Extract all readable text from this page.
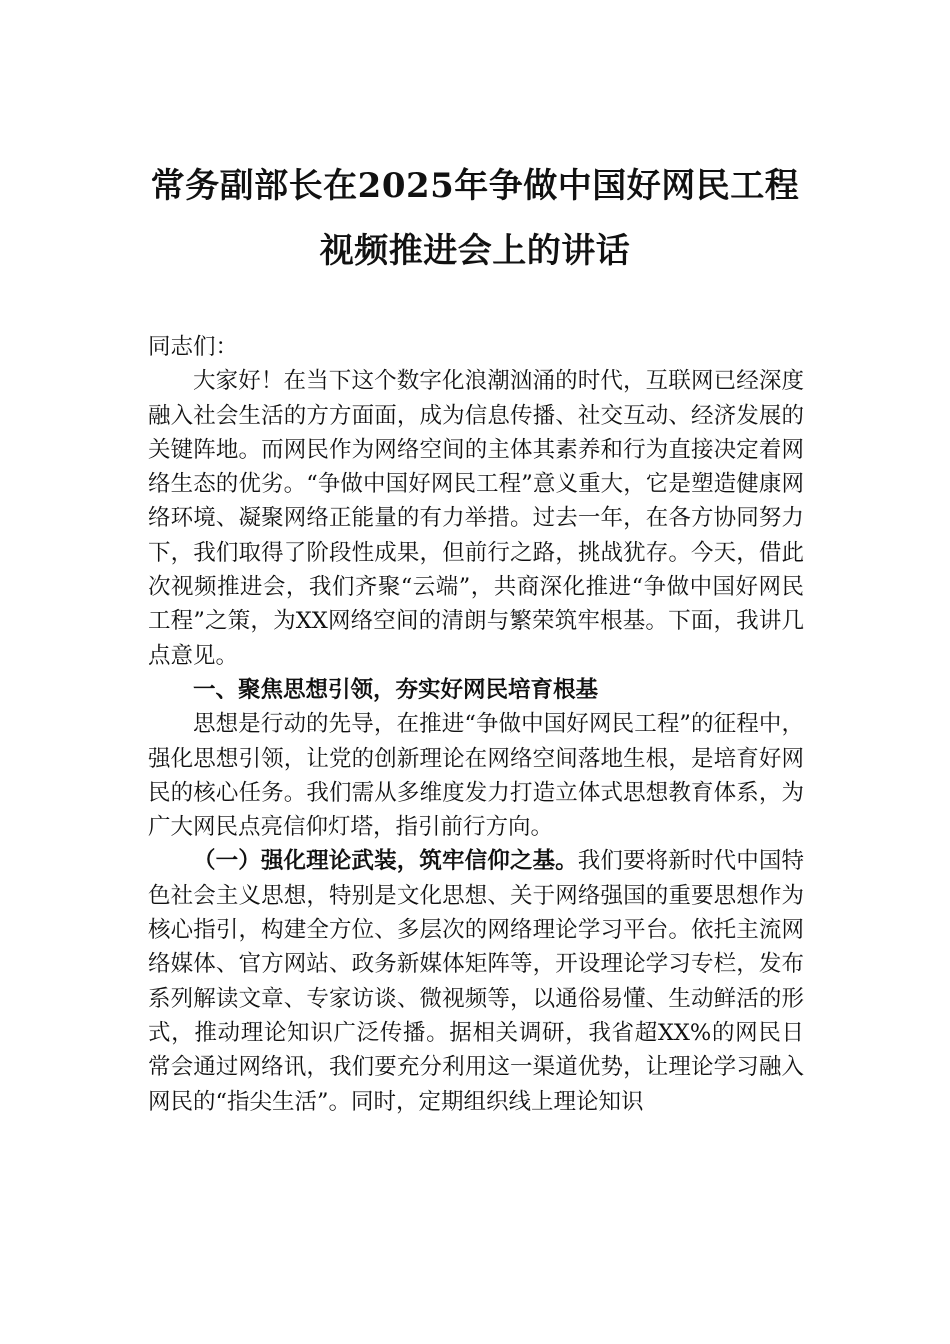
常务副部长在2025年争做中国好网民工程
视频推进会上的讲话

同志们：

大家好！在当下这个数字化浪潮汹涌的时代，互联网已经深度融入社会生活的方方面面，成为信息传播、社交互动、经济发展的关键阵地。而网民作为网络空间的主体其素养和行为直接决定着网络生态的优劣。“争做中国好网民工程”意义重大，它是塑造健康网络环境、凝聚网络正能量的有力举措。过去一年，在各方协同努力下，我们取得了阶段性成果，但前行之路，挑战犹存。今天，借此次视频推进会，我们齐聚“云端”，共商深化推进“争做中国好网民工程”之策，为XX网络空间的清朗与繁荣筑牢根基。下面，我讲几点意见。

一、聚焦思想引领，夯实好网民培育根基

思想是行动的先导，在推进“争做中国好网民工程”的征程中，强化思想引领，让党的创新理论在网络空间落地生根，是培育好网民的核心任务。我们需从多维度发力打造立体式思想教育体系，为广大网民点亮信仰灯塔，指引前行方向。

（一）强化理论武装，筑牢信仰之基。我们要将新时代中国特色社会主义思想，特别是文化思想、关于网络强国的重要思想作为核心指引，构建全方位、多层次的网络理论学习平台。依托主流网络媒体、官方网站、政务新媒体矩阵等，开设理论学习专栏，发布系列解读文章、专家访谈、微视频等，以通俗易懂、生动鲜活的形式，推动理论知识广泛传播。据相关调研，我省超XX%的网民日常会通过网络讯，我们要充分利用这一渠道优势，让理论学习融入网民的“指尖生活”。同时，定期组织线上理论知识
